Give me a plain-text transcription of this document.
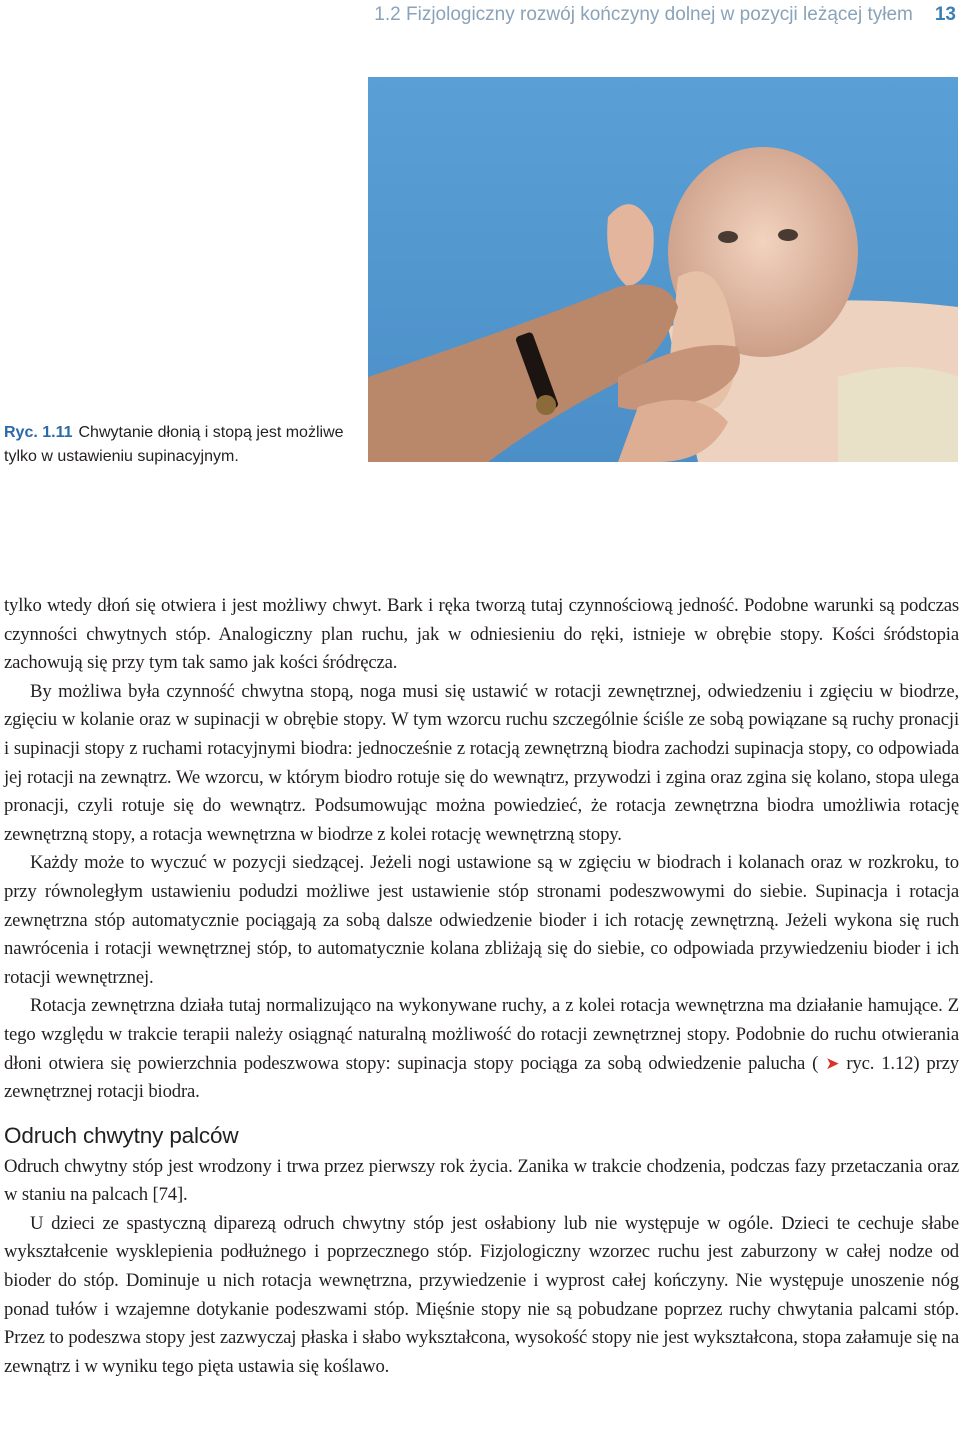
1.2 Fizjologiczny rozwój kończyny dolnej w pozycji leżącej tyłem 13
Ryc. 1.11 Chwytanie dłonią i stopą jest możliwe tylko w ustawieniu supinacyjnym.

tylko wtedy dłoń się otwiera i jest możliwy chwyt. Bark i ręka tworzą tutaj czynnościową jedność. Podobne warunki są podczas czynności chwytnych stóp. Analogiczny plan ruchu, jak w odniesieniu do ręki, istnieje w obrębie stopy. Kości śródstopia zachowują się przy tym tak samo jak kości śródręcza.

By możliwa była czynność chwytna stopą, noga musi się ustawić w rotacji zewnętrznej, odwiedzeniu i zgięciu w biodrze, zgięciu w kolanie oraz w supinacji w obrębie stopy. W tym wzorcu ruchu szczególnie ściśle ze sobą powiązane są ruchy pronacji i supinacji stopy z ruchami rotacyjnymi biodra: jednocześnie z rotacją zewnętrzną biodra zachodzi supinacja stopy, co odpowiada jej rotacji na zewnątrz. We wzorcu, w którym biodro rotuje się do wewnątrz, przywodzi i zgina oraz zgina się kolano, stopa ulega pronacji, czyli rotuje się do wewnątrz. Podsumowując można powiedzieć, że rotacja zewnętrzna biodra umożliwia rotację zewnętrzną stopy, a rotacja wewnętrzna w biodrze z kolei rotację wewnętrzną stopy.

Każdy może to wyczuć w pozycji siedzącej. Jeżeli nogi ustawione są w zgięciu w biodrach i kolanach oraz w rozkroku, to przy równoległym ustawieniu podudzi możliwe jest ustawienie stóp stronami podeszwowymi do siebie. Supinacja i rotacja zewnętrzna stóp automatycznie pociągają za sobą dalsze odwiedzenie bioder i ich rotację zewnętrzną. Jeżeli wykona się ruch nawrócenia i rotacji wewnętrznej stóp, to automatycznie kolana zbliżają się do siebie, co odpowiada przywiedzeniu bioder i ich rotacji wewnętrznej.

Rotacja zewnętrzna działa tutaj normalizująco na wykonywane ruchy, a z kolei rotacja wewnętrzna ma działanie hamujące. Z tego względu w trakcie terapii należy osiągnąć naturalną możliwość do rotacji zewnętrznej stopy. Podobnie do ruchu otwierania dłoni otwiera się powierzchnia podeszwowa stopy: supinacja stopy pociąga za sobą odwiedzenie palucha ( ➤ ryc. 1.12) przy zewnętrznej rotacji biodra.

Odruch chwytny palców

Odruch chwytny stóp jest wrodzony i trwa przez pierwszy rok życia. Zanika w trakcie chodzenia, podczas fazy przetaczania oraz w staniu na palcach [74].

U dzieci ze spastyczną diparezą odruch chwytny stóp jest osłabiony lub nie występuje w ogóle. Dzieci te cechuje słabe wykształcenie wysklepienia podłużnego i poprzecznego stóp. Fizjologiczny wzorzec ruchu jest zaburzony w całej nodze od bioder do stóp. Dominuje u nich rotacja wewnętrzna, przywiedzenie i wyprost całej kończyny. Nie występuje unoszenie nóg ponad tułów i wzajemne dotykanie podeszwami stóp. Mięśnie stopy nie są pobudzane poprzez ruchy chwytania palcami stóp. Przez to podeszwa stopy jest zazwyczaj płaska i słabo wykształcona, wysokość stopy nie jest wykształcona, stopa załamuje się na zewnątrz i w wyniku tego pięta ustawia się koślawo.
